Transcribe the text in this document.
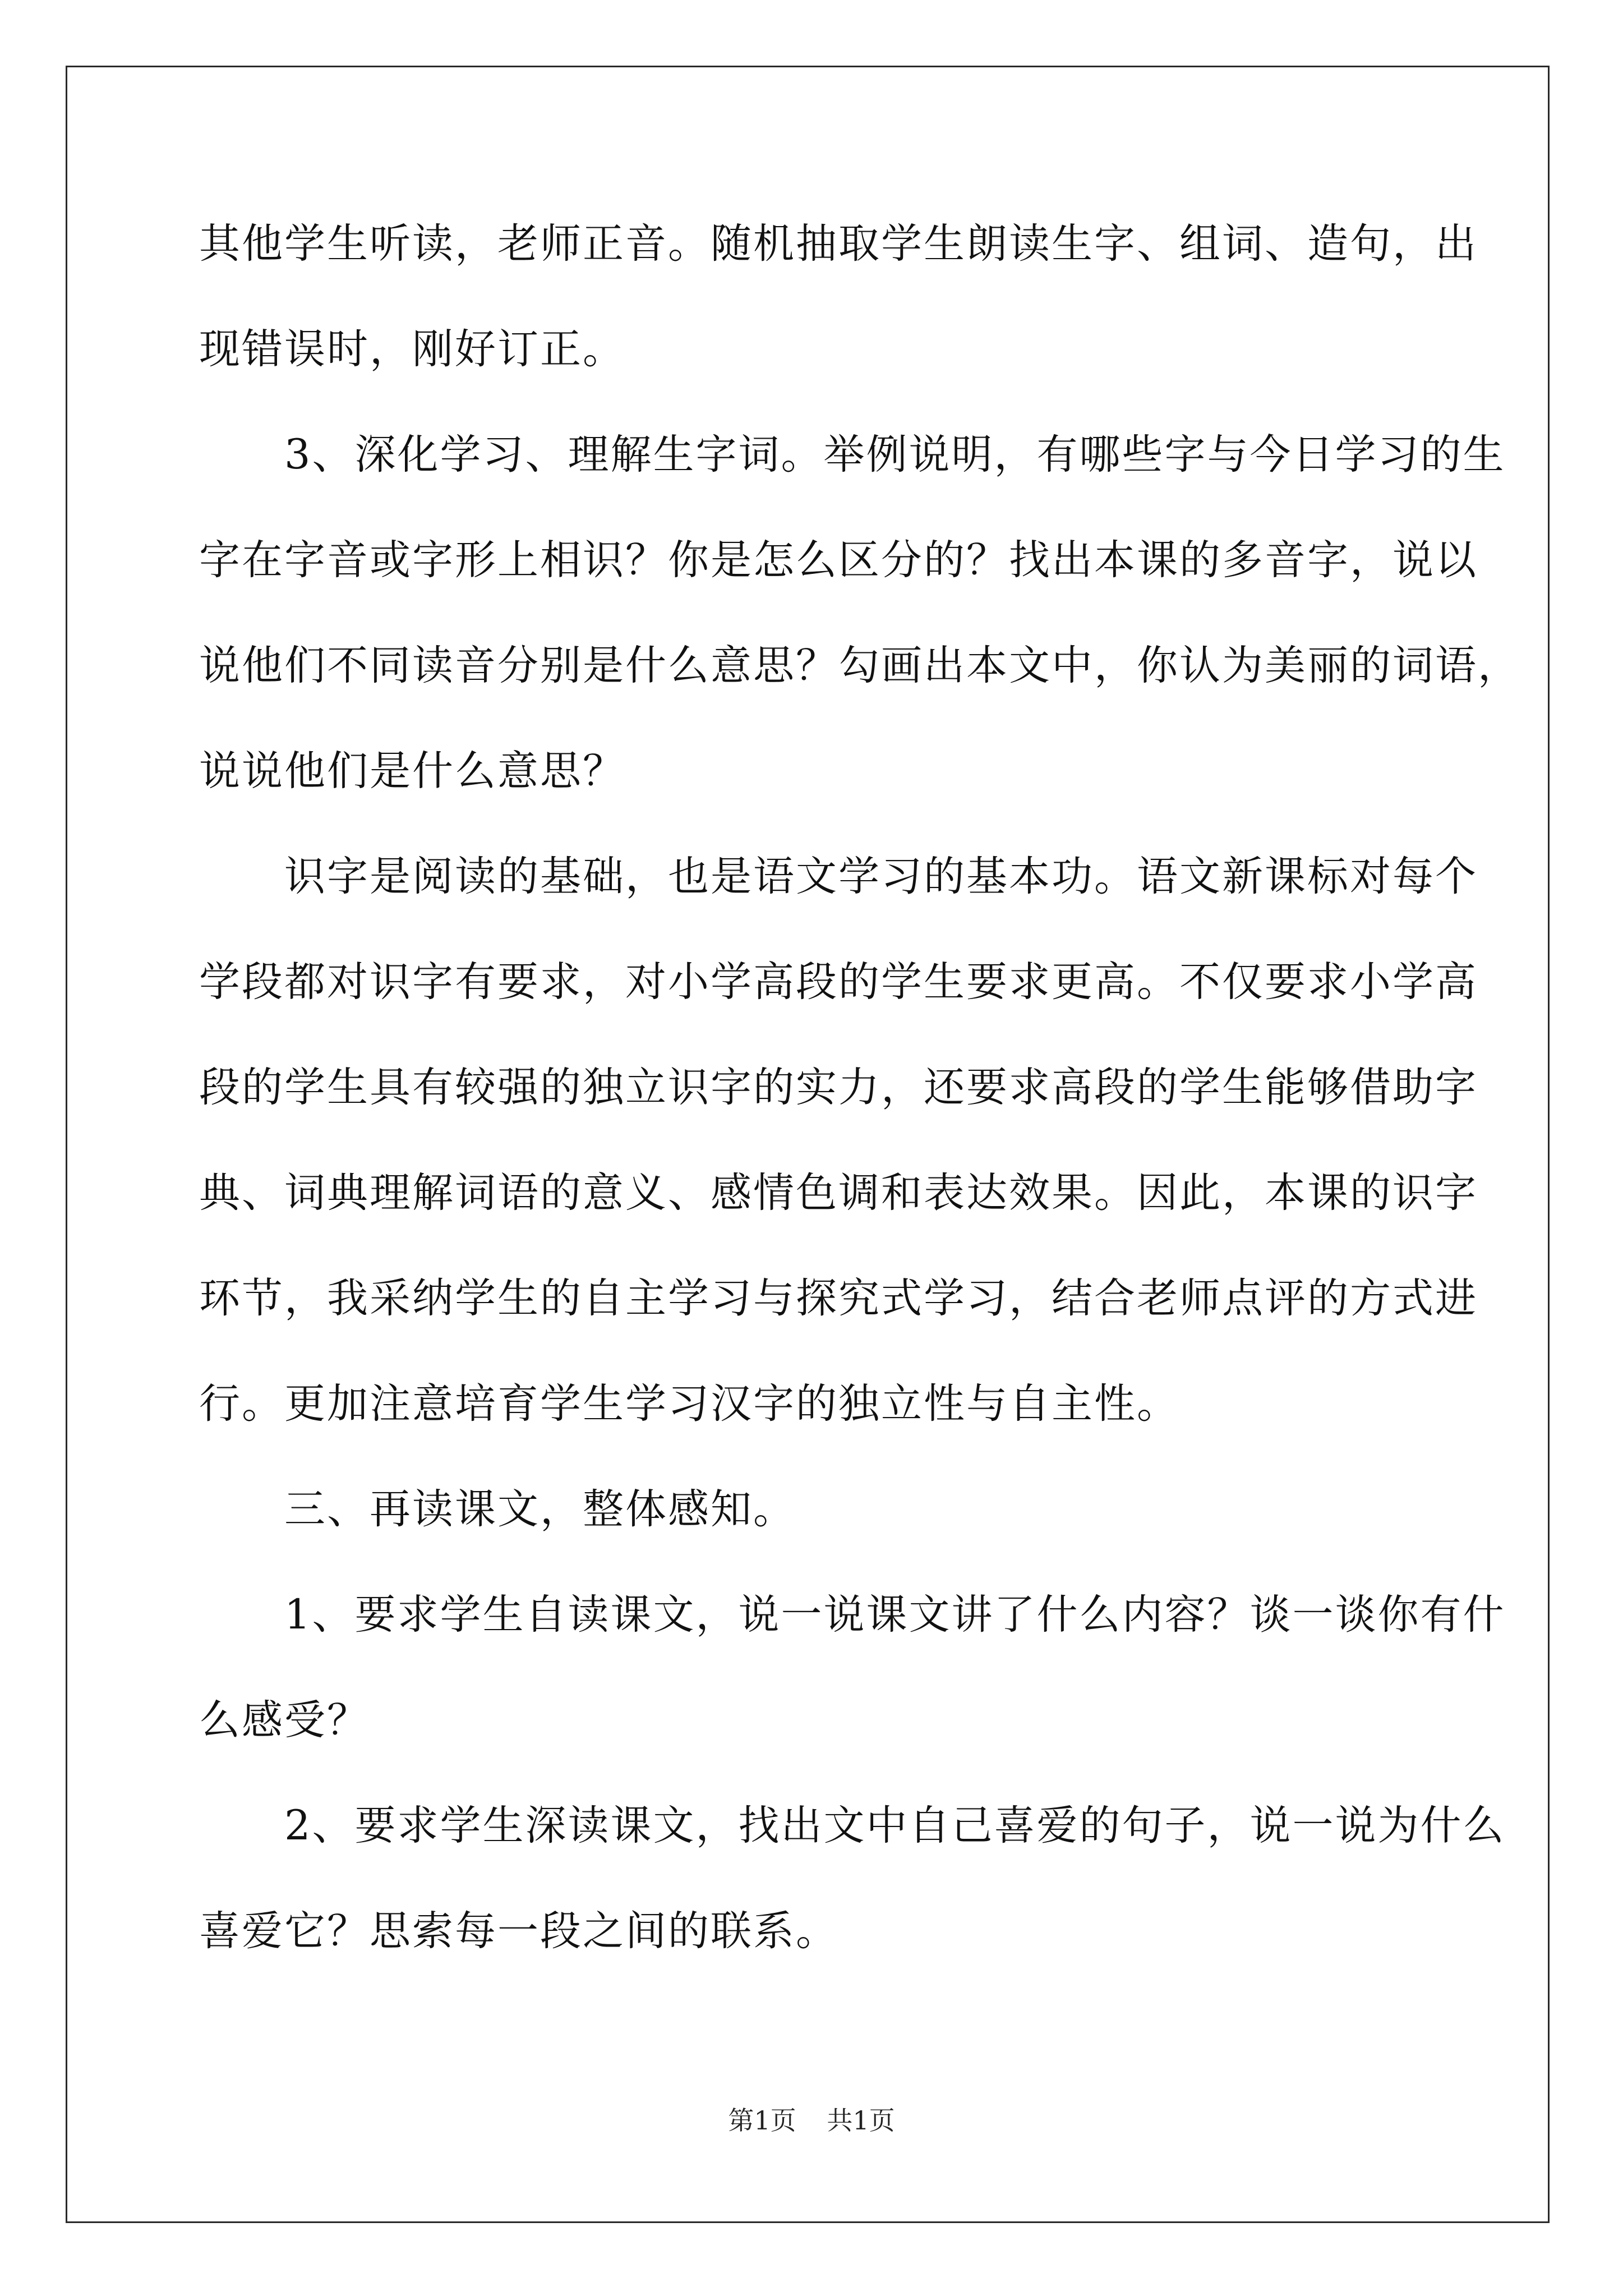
其他学生听读，老师正音。随机抽取学生朗读生字、组词、造句，出
现错误时，刚好订正。
　　3、深化学习、理解生字词。举例说明，有哪些字与今日学习的生
字在字音或字形上相识？你是怎么区分的？找出本课的多音字，说以
说他们不同读音分别是什么意思？勾画出本文中，你认为美丽的词语，
说说他们是什么意思？
　　识字是阅读的基础，也是语文学习的基本功。语文新课标对每个
学段都对识字有要求，对小学高段的学生要求更高。不仅要求小学高
段的学生具有较强的独立识字的实力，还要求高段的学生能够借助字
典、词典理解词语的意义、感情色调和表达效果。因此，本课的识字
环节，我采纳学生的自主学习与探究式学习，结合老师点评的方式进
行。更加注意培育学生学习汉字的独立性与自主性。
　　三、再读课文，整体感知。
　　1、要求学生自读课文，说一说课文讲了什么内容？谈一谈你有什
么感受？
　　2、要求学生深读课文，找出文中自己喜爱的句子，说一说为什么
喜爱它？思索每一段之间的联系。
第1页 共1页
